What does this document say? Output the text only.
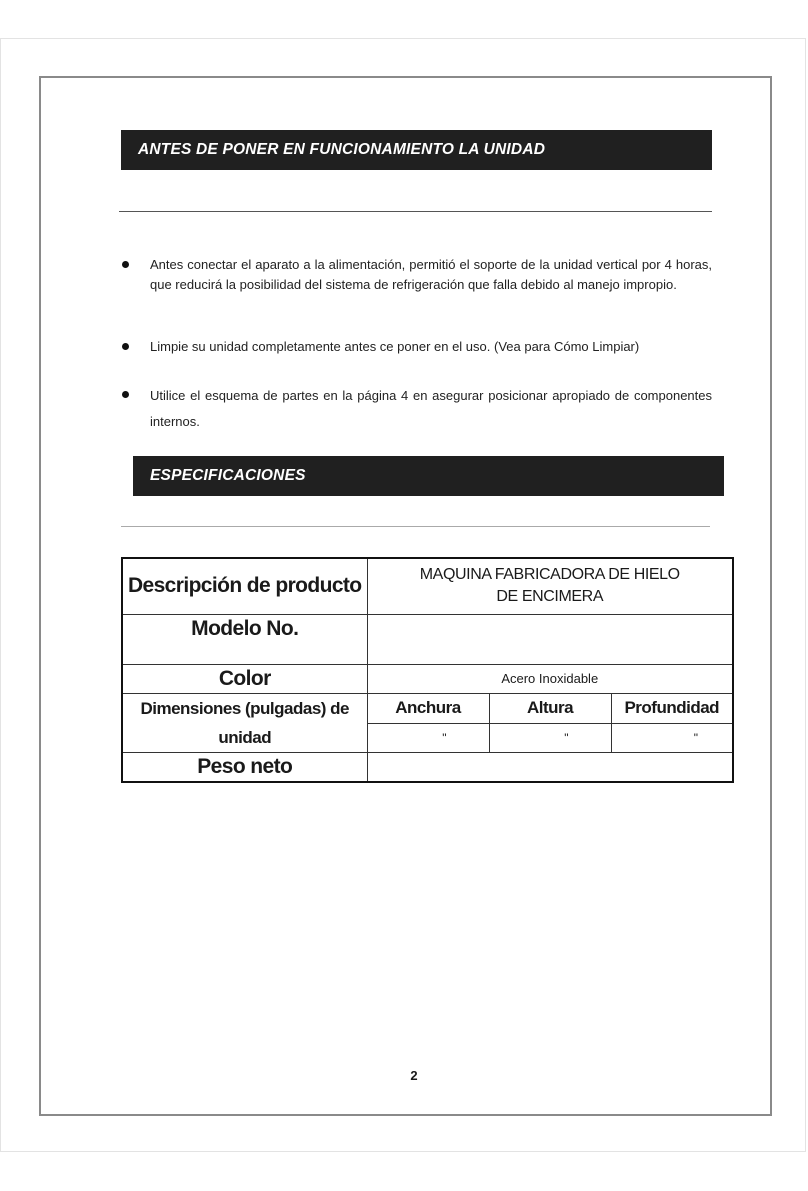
ANTES DE PONER EN FUNCIONAMIENTO LA UNIDAD
Antes conectar el aparato a la alimentación, permitió el soporte de la unidad vertical por 4 horas, que reducirá la posibilidad del sistema de refrigeración que falla debido al manejo impropio.
Limpie su unidad completamente antes ce poner en el uso. (Vea para Cómo Limpiar)
Utilice el esquema de partes en la página 4 en asegurar posicionar apropiado de componentes internos.
ESPECIFICACIONES
Descripción de producto	MAQUINA FABRICADORA DE HIELO DE ENCIMERA		
Modelo No.			
Color	Acero Inoxidable		
Dimensiones (pulgadas) de unidad	Anchura	Altura	Profundidad
	"	"	"
Peso neto			
2
